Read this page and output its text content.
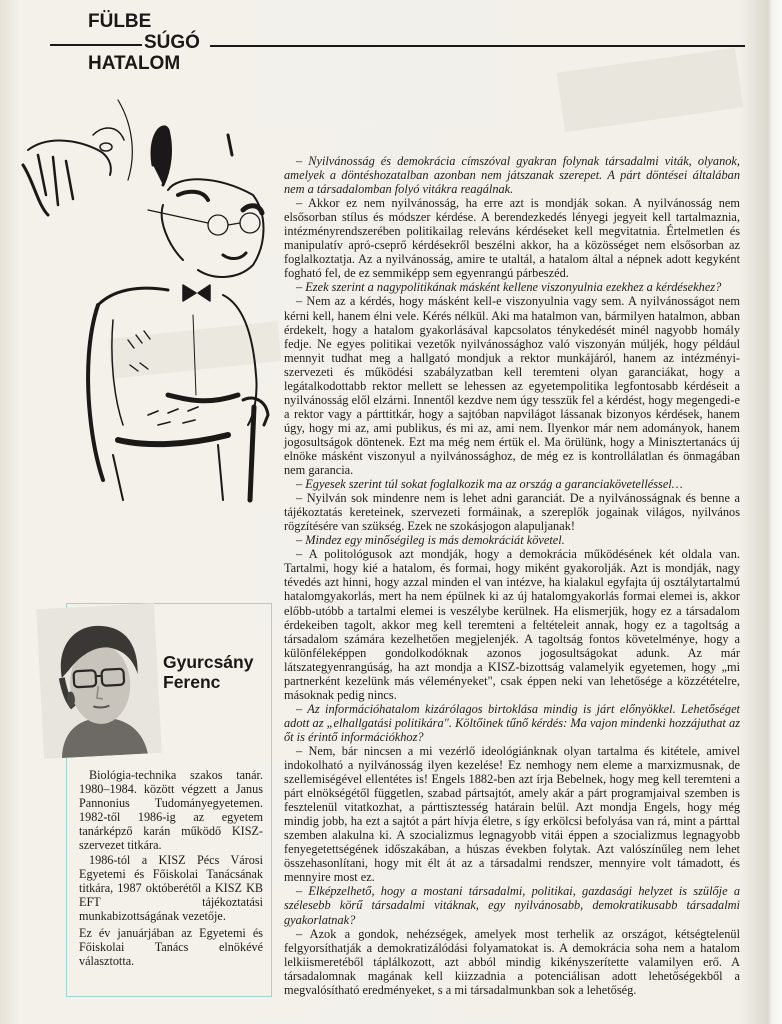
FÜLBE
SÚGÓ
HATALOM

– Nyilvánosság és demokrácia címszóval gyakran folynak társadalmi viták, olyanok, amelyek a döntéshozatalban azonban nem játszanak szerepet. A párt döntései általában nem a társadalomban folyó vitákra reagálnak.

– Akkor ez nem nyilvánosság, ha erre azt is mondják sokan. A nyilvánosság nem elsősorban stílus és módszer kérdése. A berendezkedés lényegi jegyeit kell tartalmaznia, intézményrendszerében politikailag releváns kérdéseket kell megvitatnia. Értelmetlen és manipulatív apró-cseprő kérdésekről beszélni akkor, ha a közösséget nem elsősorban az foglalkoztatja. Az a nyilvánosság, amire te utaltál, a hatalom által a népnek adott kegyként fogható fel, de ez semmiképp sem egyenrangú párbeszéd.

– Ezek szerint a nagypolitikának másként kellene viszonyulnia ezekhez a kérdésekhez?

– Nem az a kérdés, hogy másként kell-e viszonyulnia vagy sem. A nyilvánosságot nem kérni kell, hanem élni vele. Kérés nélkül. Aki ma hatalmon van, bármilyen hatalmon, abban érdekelt, hogy a hatalom gyakorlásával kapcsolatos ténykedését minél nagyobb homály fedje. Ne egyes politikai vezetők nyilvánossághoz való viszonyán múljék, hogy például mennyit tudhat meg a hallgató mondjuk a rektor munkájáról, hanem az intézményi-szervezeti és működési szabályzatban kell teremteni olyan garanciákat, hogy a legátalkodottabb rektor mellett se lehessen az egyetempolitika legfontosabb kérdéseit a nyilvánosság elől elzárni. Innentől kezdve nem úgy tesszük fel a kérdést, hogy megengedi-e a rektor vagy a párttitkár, hogy a sajtóban napvilágot lássanak bizonyos kérdések, hanem úgy, hogy mi az, ami publikus, és mi az, ami nem. Ilyenkor már nem adományok, hanem jogosultságok döntenek. Ezt ma még nem értük el. Ma örülünk, hogy a Minisztertanács új elnöke másként viszonyul a nyilvánossághoz, de még ez is kontrollálatlan és önmagában nem garancia.

– Egyesek szerint túl sokat foglalkozik ma az ország a garanciakövetelléssel…

– Nyilván sok mindenre nem is lehet adni garanciát. De a nyilvánosságnak és benne a tájékoztatás kereteinek, szervezeti formáinak, a szereplők jogainak világos, nyilvános rögzítésére van szükség. Ezek ne szokásjogon alapuljanak!

– Mindez egy minőségileg is más demokráciát követel.

– A politológusok azt mondják, hogy a demokrácia működésének két oldala van. Tartalmi, hogy kié a hatalom, és formai, hogy miként gyakorolják. Azt is mondják, nagy tévedés azt hinni, hogy azzal minden el van intézve, ha kialakul egyfajta új osztálytartalmú hatalomgyakorlás, mert ha nem épülnek ki az új hatalomgyakorlás formai elemei is, akkor előbb-utóbb a tartalmi elemei is veszélybe kerülnek. Ha elismerjük, hogy ez a társadalom érdekeiben tagolt, akkor meg kell teremteni a feltételeit annak, hogy ez a tagoltság a társadalom számára kezelhetően megjelenjék. A tagoltság fontos követelménye, hogy a különféleképpen gondolkodóknak azonos jogosultságokat adunk. Az már látszategyenrangúság, ha azt mondja a KISZ-bizottság valamelyik egyetemen, hogy „mi partnerként kezelünk más véleményeket", csak éppen neki van lehetősége a közzétételre, másoknak pedig nincs.

– Az információhatalom kizárólagos birtoklása mindig is járt előnyökkel. Lehetőséget adott az „elhallgatási politikára". Költőinek tűnő kérdés: Ma vajon mindenki hozzájuthat az őt is érintő információkhoz?

– Nem, bár nincsen a mi vezérlő ideológiánknak olyan tartalma és kitétele, amivel indokolható a nyilvánosság ilyen kezelése! Ez nemhogy nem eleme a marxizmusnak, de szellemiségével ellentétes is! Engels 1882-ben azt írja Bebelnek, hogy meg kell teremteni a párt elnökségétől független, szabad pártsajtót, amely akár a párt programjaival szemben is fesztelenül vitatkozhat, a párttisztesség határain belül. Azt mondja Engels, hogy még mindig jobb, ha ezt a sajtót a párt hívja életre, s így erkölcsi befolyása van rá, mint a párttal szemben alakulna ki. A szocializmus legnagyobb vitái éppen a szocializmus legnagyobb fenyegetettségének időszakában, a húszas években folytak. Azt valószínűleg nem lehet összehasonlítani, hogy mit élt át az a társadalmi rendszer, mennyire volt támadott, és mennyire most ez.

– Elképzelhető, hogy a mostani társadalmi, politikai, gazdasági helyzet is szülője a szélesebb körű társadalmi vitáknak, egy nyilvánosabb, demokratikusabb társadalmi gyakorlatnak?

– Azok a gondok, nehézségek, amelyek most terhelik az országot, kétségtelenül felgyorsíthatják a demokratizálódási folyamatokat is. A demokrácia soha nem a hatalom lelkiismeretéből táplálkozott, azt abból mindig kikényszerítette valamilyen erő. A társadalomnak magának kell kiizzadnia a potenciálisan adott lehetőségekből a megvalósítható eredményeket, s a mi társadalmunkban sok a lehetőség.

Gyurcsány
Ferenc

Biológia-technika szakos tanár. 1980–1984. között végzett a Janus Pannonius Tudományegyetemen. 1982-től 1986-ig az egyetem tanárképző karán működő KISZ-szervezet titkára.

1986-tól a KISZ Pécs Városi Egyetemi és Főiskolai Tanácsának titkára, 1987 októberétől a KISZ KB EFT tájékoztatási munkabizottságának vezetője.

Ez év januárjában az Egyetemi és Főiskolai Tanács elnökévé választotta.
